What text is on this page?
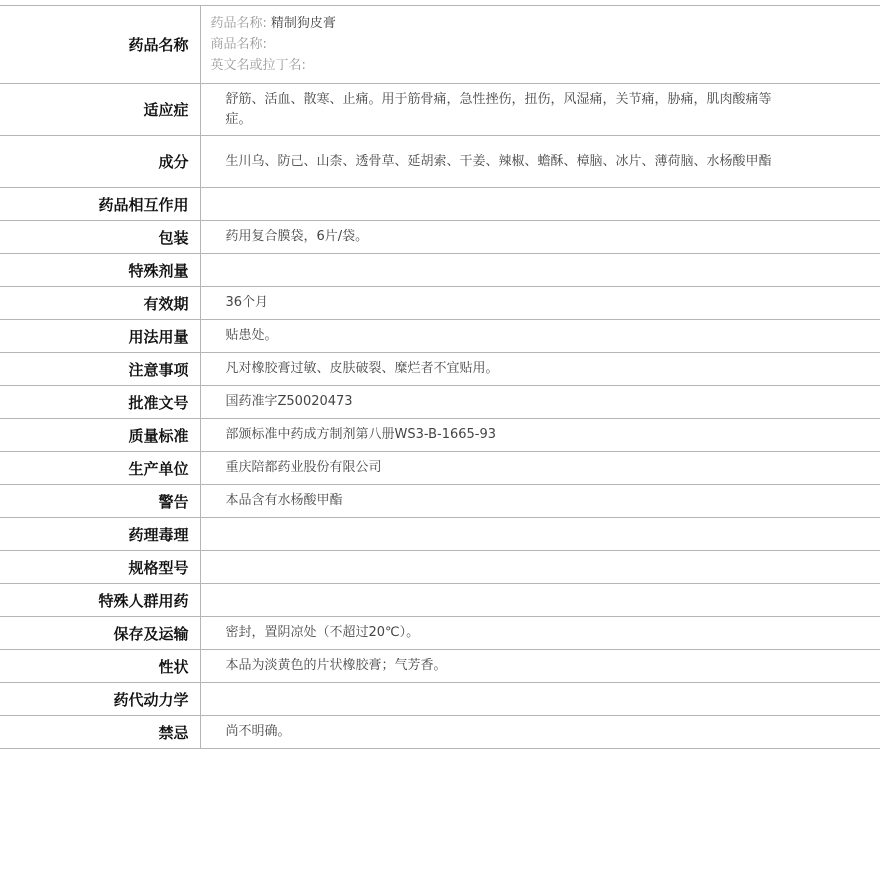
药品名称	药品名称: 精制狗皮膏
商品名称:
英文名或拉丁名:

适应症	舒筋、活血、散寒、止痛。用于筋骨痛，急性挫伤，扭伤，风湿痛，关节痛，胁痛，肌肉酸痛等症。
成分	生川乌、防己、山柰、透骨草、延胡索、干姜、辣椒、蟾酥、樟脑、冰片、薄荷脑、水杨酸甲酯
药品相互作用	
包装	药用复合膜袋，6片/袋。
特殊剂量	
有效期	36个月
用法用量	贴患处。
注意事项	凡对橡胶膏过敏、皮肤破裂、糜烂者不宜贴用。
批准文号	国药准字Z50020473
质量标准	部颁标准中药成方制剂第八册WS3-B-1665-93
生产单位	重庆陪都药业股份有限公司
警告	本品含有水杨酸甲酯
药理毒理	
规格型号	
特殊人群用药	
保存及运输	密封，置阴凉处（不超过20℃）。
性状	本品为淡黄色的片状橡胶膏；气芳香。
药代动力学	
禁忌	尚不明确。
